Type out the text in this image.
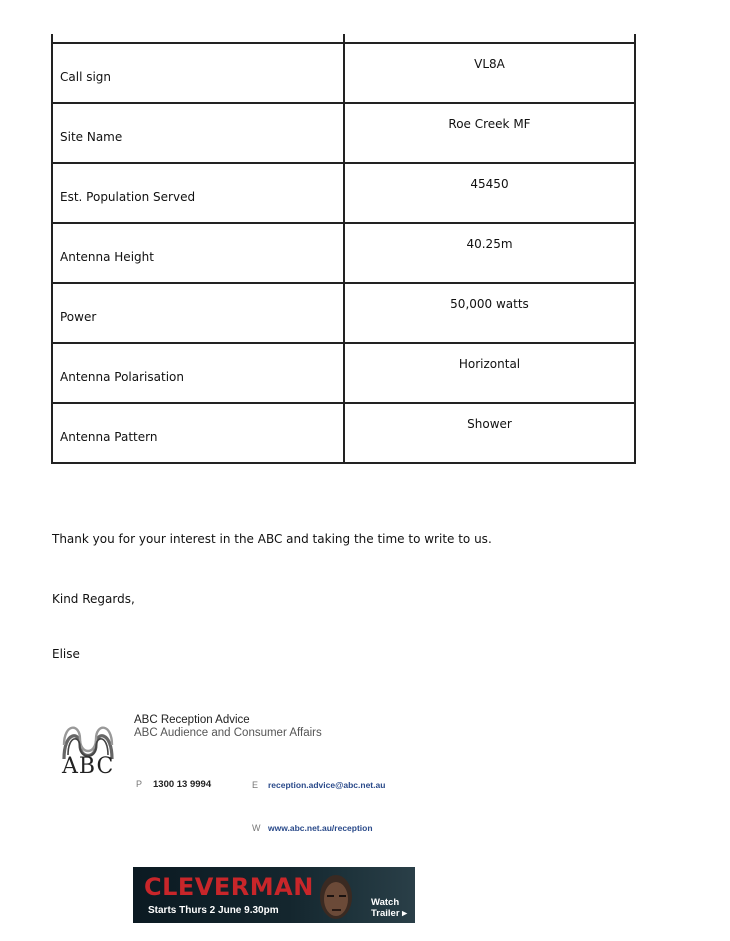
Call sign	VL8A
Site Name	Roe Creek MF
Est. Population Served	45450
Antenna Height	40.25m
Power	50,000 watts
Antenna Polarisation	Horizontal
Antenna Pattern	Shower
Thank you for your interest in the ABC and taking the time to write to us.
Kind Regards,
Elise
ABC
ABC Reception Advice
ABC Audience and Consumer Affairs
P 1300 13 9994	E reception.advice@abc.net.au
W www.abc.net.au/reception
CLEVERMAN
Starts Thurs 2 June 9.30pm
Watch
Trailer ▸
